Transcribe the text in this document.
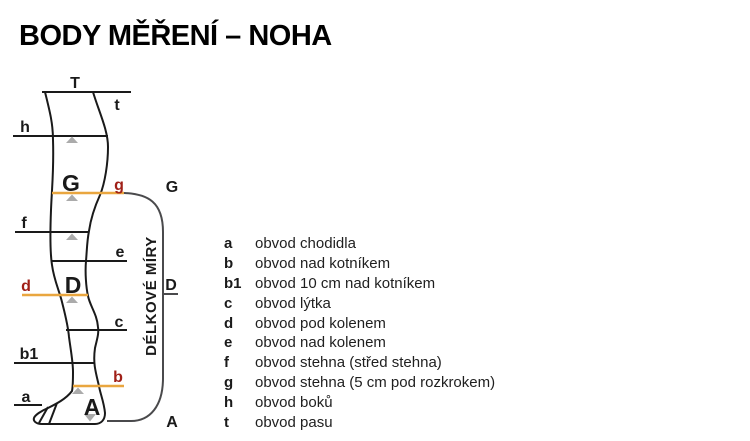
BODY MĚŘENÍ – NOHA
DÉLKOVÉ MÍRY
T
t
h
G g
f
e
D
d
c
b1
b
a A
G
D
A
a	obvod chodidla
b	obvod nad kotníkem
b1 obvod 10 cm nad kotníkem
c	obvod lýtka
d	obvod pod kolenem
e	obvod nad kolenem
f	obvod stehna (střed stehna)
g	obvod stehna (5 cm pod rozkrokem)
h	obvod boků
t	obvod pasu
